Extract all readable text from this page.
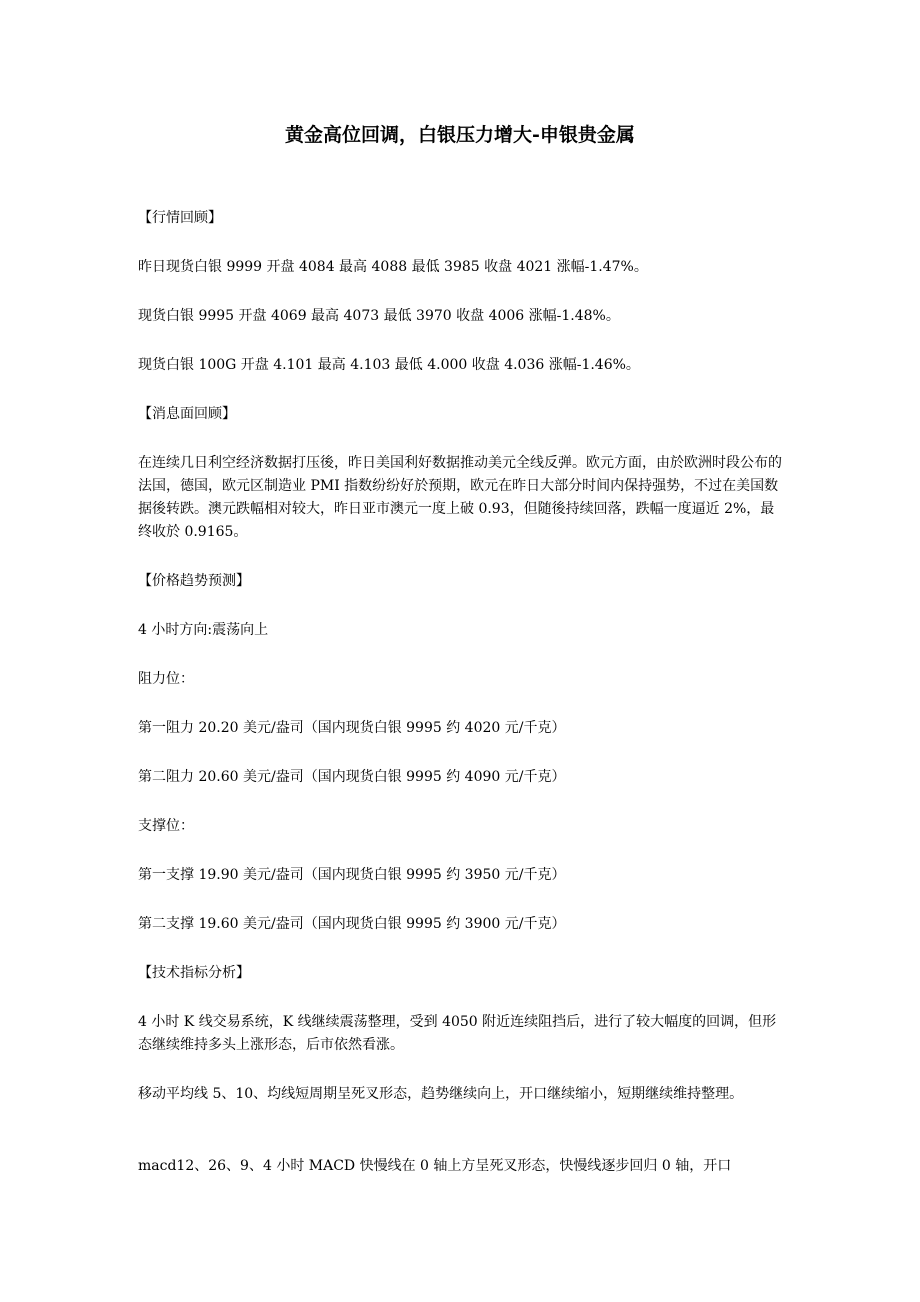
黄金高位回调，白银压力增大-申银贵金属

【行情回顾】

昨日现货白银 9999 开盘 4084 最高 4088 最低 3985 收盘 4021 涨幅-1.47%。

现货白银 9995 开盘 4069 最高 4073 最低 3970 收盘 4006 涨幅-1.48%。

现货白银 100G 开盘 4.101 最高 4.103 最低 4.000 收盘 4.036 涨幅-1.46%。

【消息面回顾】

在连续几日利空经济数据打压後，昨日美国利好数据推动美元全线反弹。欧元方面，由於欧洲时段公布的法国，德国，欧元区制造业 PMI 指数纷纷好於预期，欧元在昨日大部分时间内保持强势，不过在美国数据後转跌。澳元跌幅相对较大，昨日亚市澳元一度上破 0.93，但随後持续回落，跌幅一度逼近 2%，最终收於 0.9165。

【价格趋势预测】

4 小时方向:震荡向上

阻力位：

第一阻力 20.20 美元/盎司（国内现货白银 9995 约 4020 元/千克）

第二阻力 20.60 美元/盎司（国内现货白银 9995 约 4090 元/千克）

支撑位：

第一支撑 19.90 美元/盎司（国内现货白银 9995 约 3950 元/千克）

第二支撑 19.60 美元/盎司（国内现货白银 9995 约 3900 元/千克）

【技术指标分析】

4 小时 K 线交易系统，K 线继续震荡整理，受到 4050 附近连续阻挡后，进行了较大幅度的回调，但形态继续维持多头上涨形态，后市依然看涨。

移动平均线 5、10、均线短周期呈死叉形态，趋势继续向上，开口继续缩小，短期继续维持整理。

macd12、26、9、4 小时 MACD 快慢线在 0 轴上方呈死叉形态，快慢线逐步回归 0 轴，开口
